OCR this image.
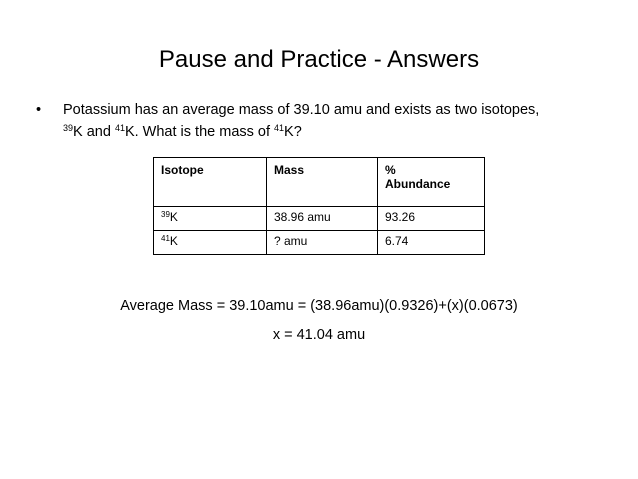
Pause and Practice - Answers
• Potassium has an average mass of 39.10 amu and exists as two isotopes,
$^{39}$K and $^{41}$K. What is the mass of $^{41}$K?
Isotope	Mass	%
Abundance
$^{39}$K	38.96 amu	93.26
$^{41}$K	? amu	6.74
Average Mass = 39.10amu = (38.96amu)(0.9326)+(x)(0.0673)
x = 41.04 amu
